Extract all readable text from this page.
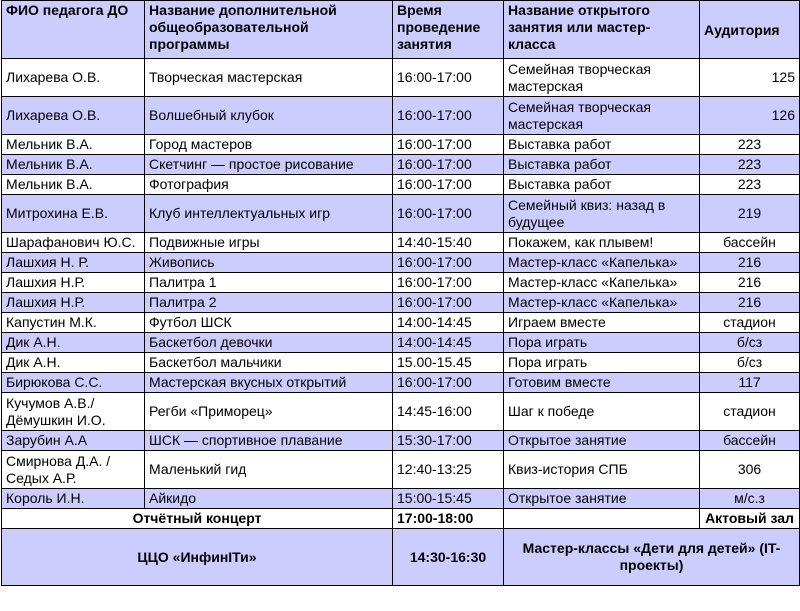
ФИО педагога ДО	Название дополнительной общеобразовательной программы	Время проведение занятия	Название открытого занятия или мастер-класса	Аудитория
Лихарева О.В.	Творческая мастерская	16:00-17:00	Семейная творческая мастерская	125
Лихарева О.В.	Волшебный клубок	16:00-17:00	Семейная творческая мастерская	126
Мельник В.А.	Город мастеров	16:00-17:00	Выставка работ	223
Мельник В.А.	Скетчинг — простое рисование	16:00-17:00	Выставка работ	223
Мельник В.А.	Фотография	16:00-17:00	Выставка работ	223
Митрохина Е.В.	Клуб интеллектуальных игр	16:00-17:00	Семейный квиз: назад в будущее	219
Шарафанович Ю.С.	Подвижные игры	14:40-15:40	Покажем, как плывем!	бассейн
Лашхия Н. Р.	Живопись	16:00-17:00	Мастер-класс «Капелька»	216
Лашхия Н.Р.	Палитра 1	16:00-17:00	Мастер-класс «Капелька»	216
Лашхия Н.Р.	Палитра 2	16:00-17:00	Мастер-класс «Капелька»	216
Капустин М.К.	Футбол ШСК	14:00-14:45	Играем вместе	стадион
Дик А.Н.	Баскетбол девочки	14:00-14:45	Пора играть	б/сз
Дик А.Н.	Баскетбол мальчики	15.00-15.45	Пора играть	б/сз
Бирюкова С.С.	Мастерская вкусных открытий	16:00-17:00	Готовим вместе	117
Кучумов А.В./ Дёмушкин И.О.	Регби «Приморец»	14:45-16:00	Шаг к победе	стадион
Зарубин А.А	ШСК — спортивное плавание	15:30-17:00	Открытое занятие	бассейн
Смирнова Д.А. / Седых А.Р.	Маленький гид	12:40-13:25	Квиз-история СПБ	306
Король И.Н.	Айкидо	15:00-15:45	Открытое занятие	м/с.з
Отчётный концерт		17:00-18:00		Актовый зал
ЦЦО «ИнфинIТи»		14:30-16:30	Мастер-классы «Дети для детей» (IT-проекты)	
